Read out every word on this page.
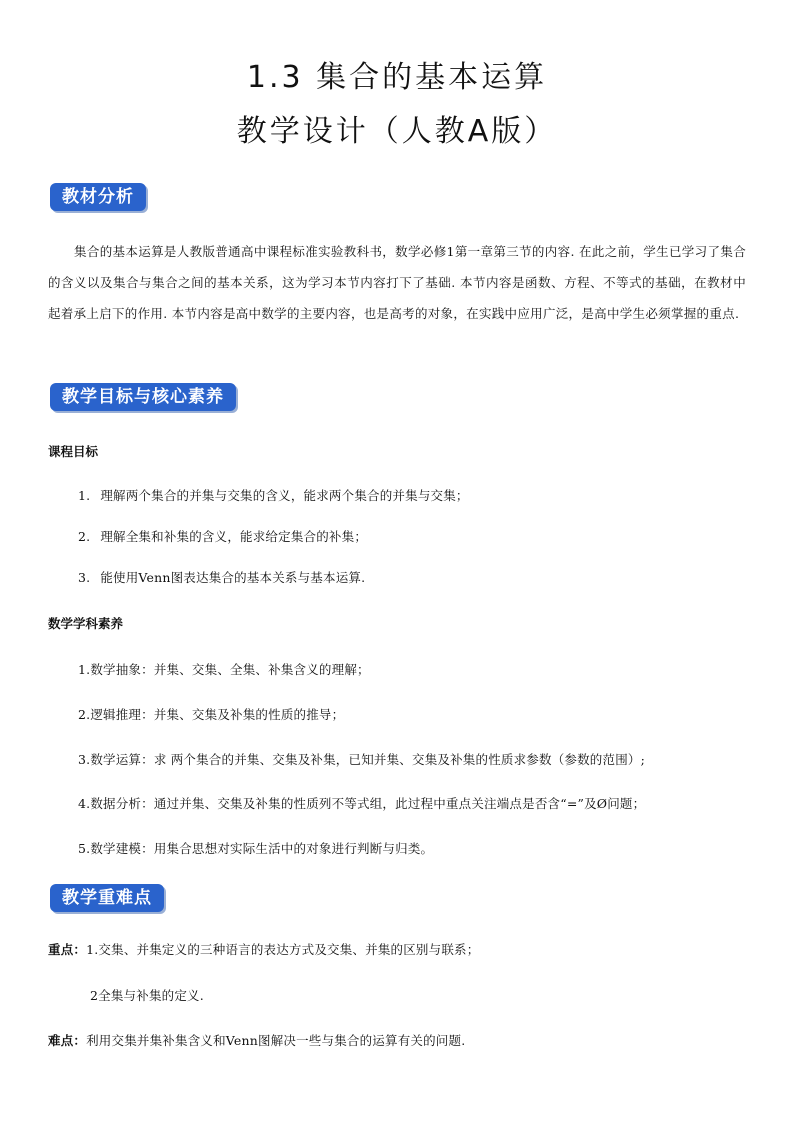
1.3 集合的基本运算
教学设计（人教A版）
教材分析
集合的基本运算是人教版普通高中课程标准实验教科书，数学必修1第一章第三节的内容. 在此之前，学生已学习了集合的含义以及集合与集合之间的基本关系，这为学习本节内容打下了基础. 本节内容是函数、方程、不等式的基础，在教材中起着承上启下的作用. 本节内容是高中数学的主要内容，也是高考的对象，在实践中应用广泛，是高中学生必须掌握的重点.
教学目标与核心素养
课程目标
1. 理解两个集合的并集与交集的含义，能求两个集合的并集与交集；
2. 理解全集和补集的含义，能求给定集合的补集；
3. 能使用Venn图表达集合的基本关系与基本运算.
数学学科素养
1.数学抽象：并集、交集、全集、补集含义的理解；
2.逻辑推理：并集、交集及补集的性质的推导；
3.数学运算：求 两个集合的并集、交集及补集，已知并集、交集及补集的性质求参数（参数的范围）;
4.数据分析：通过并集、交集及补集的性质列不等式组，此过程中重点关注端点是否含“=”及Ø问题；
5.数学建模：用集合思想对实际生活中的对象进行判断与归类。
教学重难点
重点：1.交集、并集定义的三种语言的表达方式及交集、并集的区别与联系；
2全集与补集的定义.
难点：利用交集并集补集含义和Venn图解决一些与集合的运算有关的问题.
